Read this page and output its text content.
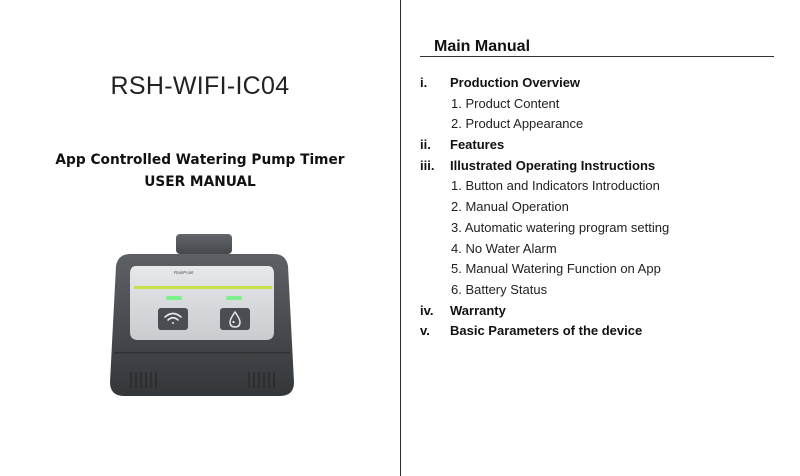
RSH-WIFI-IC04
App Controlled Watering Pump Timer
USER MANUAL
RainPoint
Main Manual
i. Production Overview
1. Product Content
2. Product Appearance
ii. Features
iii. Illustrated Operating Instructions
1. Button and Indicators Introduction
2. Manual Operation
3. Automatic watering program setting
4. No Water Alarm
5. Manual Watering Function on App
6. Battery Status
iv. Warranty
v. Basic Parameters of the device
